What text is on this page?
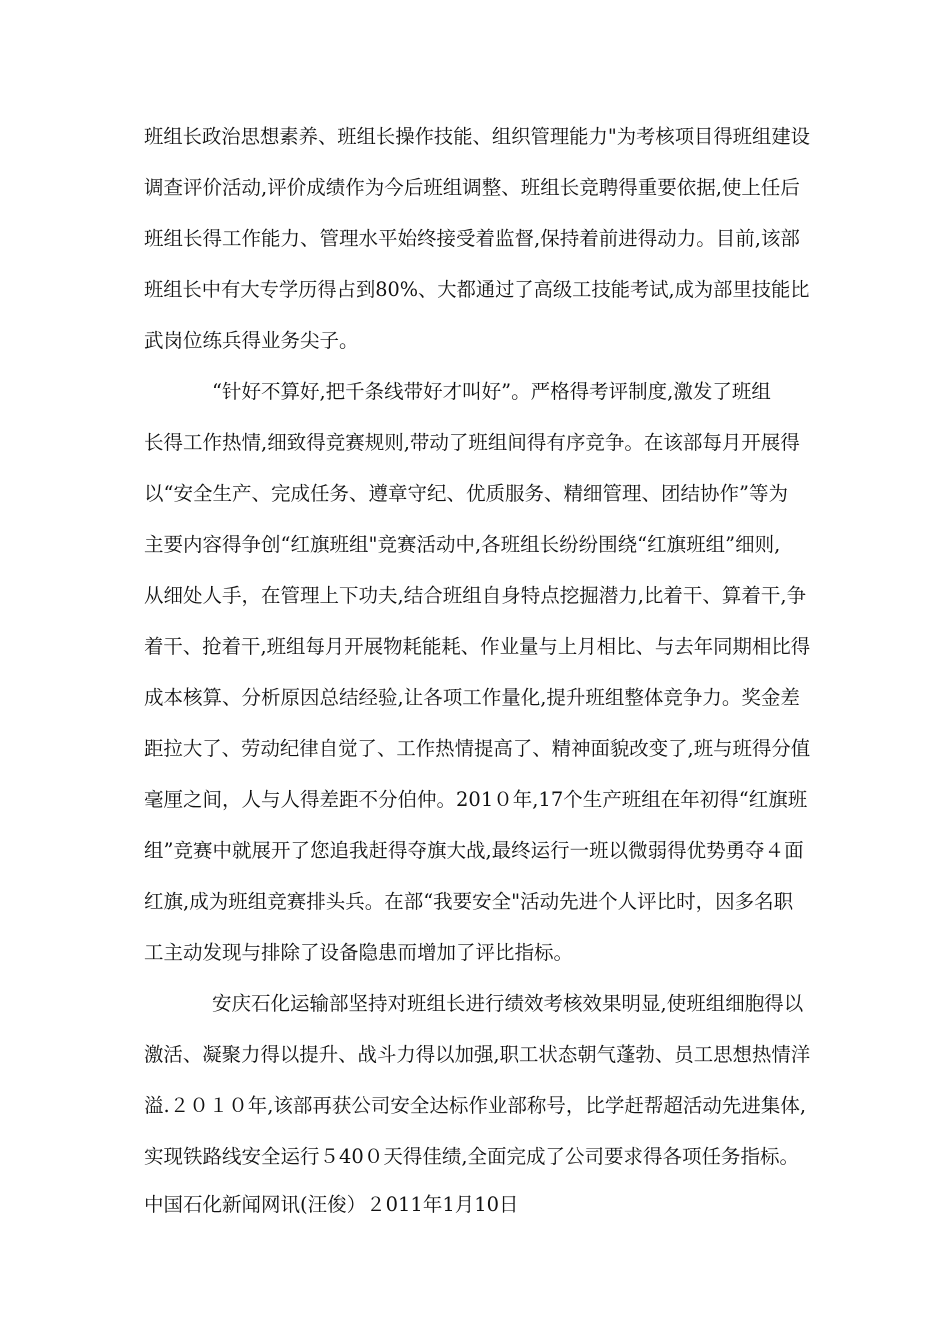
班组长政治思想素养、班组长操作技能、组织管理能力"为考核项目得班组建设
调查评价活动,评价成绩作为今后班组调整、班组长竞聘得重要依据,使上任后
班组长得工作能力、管理水平始终接受着监督,保持着前进得动力。目前,该部
班组长中有大专学历得占到80%、大都通过了高级工技能考试,成为部里技能比
武岗位练兵得业务尖子。
“针好不算好,把千条线带好才叫好”。严格得考评制度,激发了班组
长得工作热情,细致得竞赛规则,带动了班组间得有序竞争。在该部每月开展得
以“安全生产、完成任务、遵章守纪、优质服务、精细管理、团结协作”等为
主要内容得争创“红旗班组"竞赛活动中,各班组长纷纷围绕“红旗班组”细则,
从细处人手，在管理上下功夫,结合班组自身特点挖掘潜力,比着干、算着干,争
着干、抢着干,班组每月开展物耗能耗、作业量与上月相比、与去年同期相比得
成本核算、分析原因总结经验,让各项工作量化,提升班组整体竞争力。奖金差
距拉大了、劳动纪律自觉了、工作热情提高了、精神面貌改变了,班与班得分值
毫厘之间，人与人得差距不分伯仲。201０年,17个生产班组在年初得“红旗班
组”竞赛中就展开了您追我赶得夺旗大战,最终运行一班以微弱得优势勇夺４面
红旗,成为班组竞赛排头兵。在部“我要安全"活动先进个人评比时，因多名职
工主动发现与排除了设备隐患而增加了评比指标。
安庆石化运输部坚持对班组长进行绩效考核效果明显,使班组细胞得以
激活、凝聚力得以提升、战斗力得以加强,职工状态朝气蓬勃、员工思想热情洋
溢.２０１０年,该部再获公司安全达标作业部称号，比学赶帮超活动先进集体,
实现铁路线安全运行５40０天得佳绩,全面完成了公司要求得各项任务指标。
中国石化新闻网讯(汪俊）２011年1月10日
